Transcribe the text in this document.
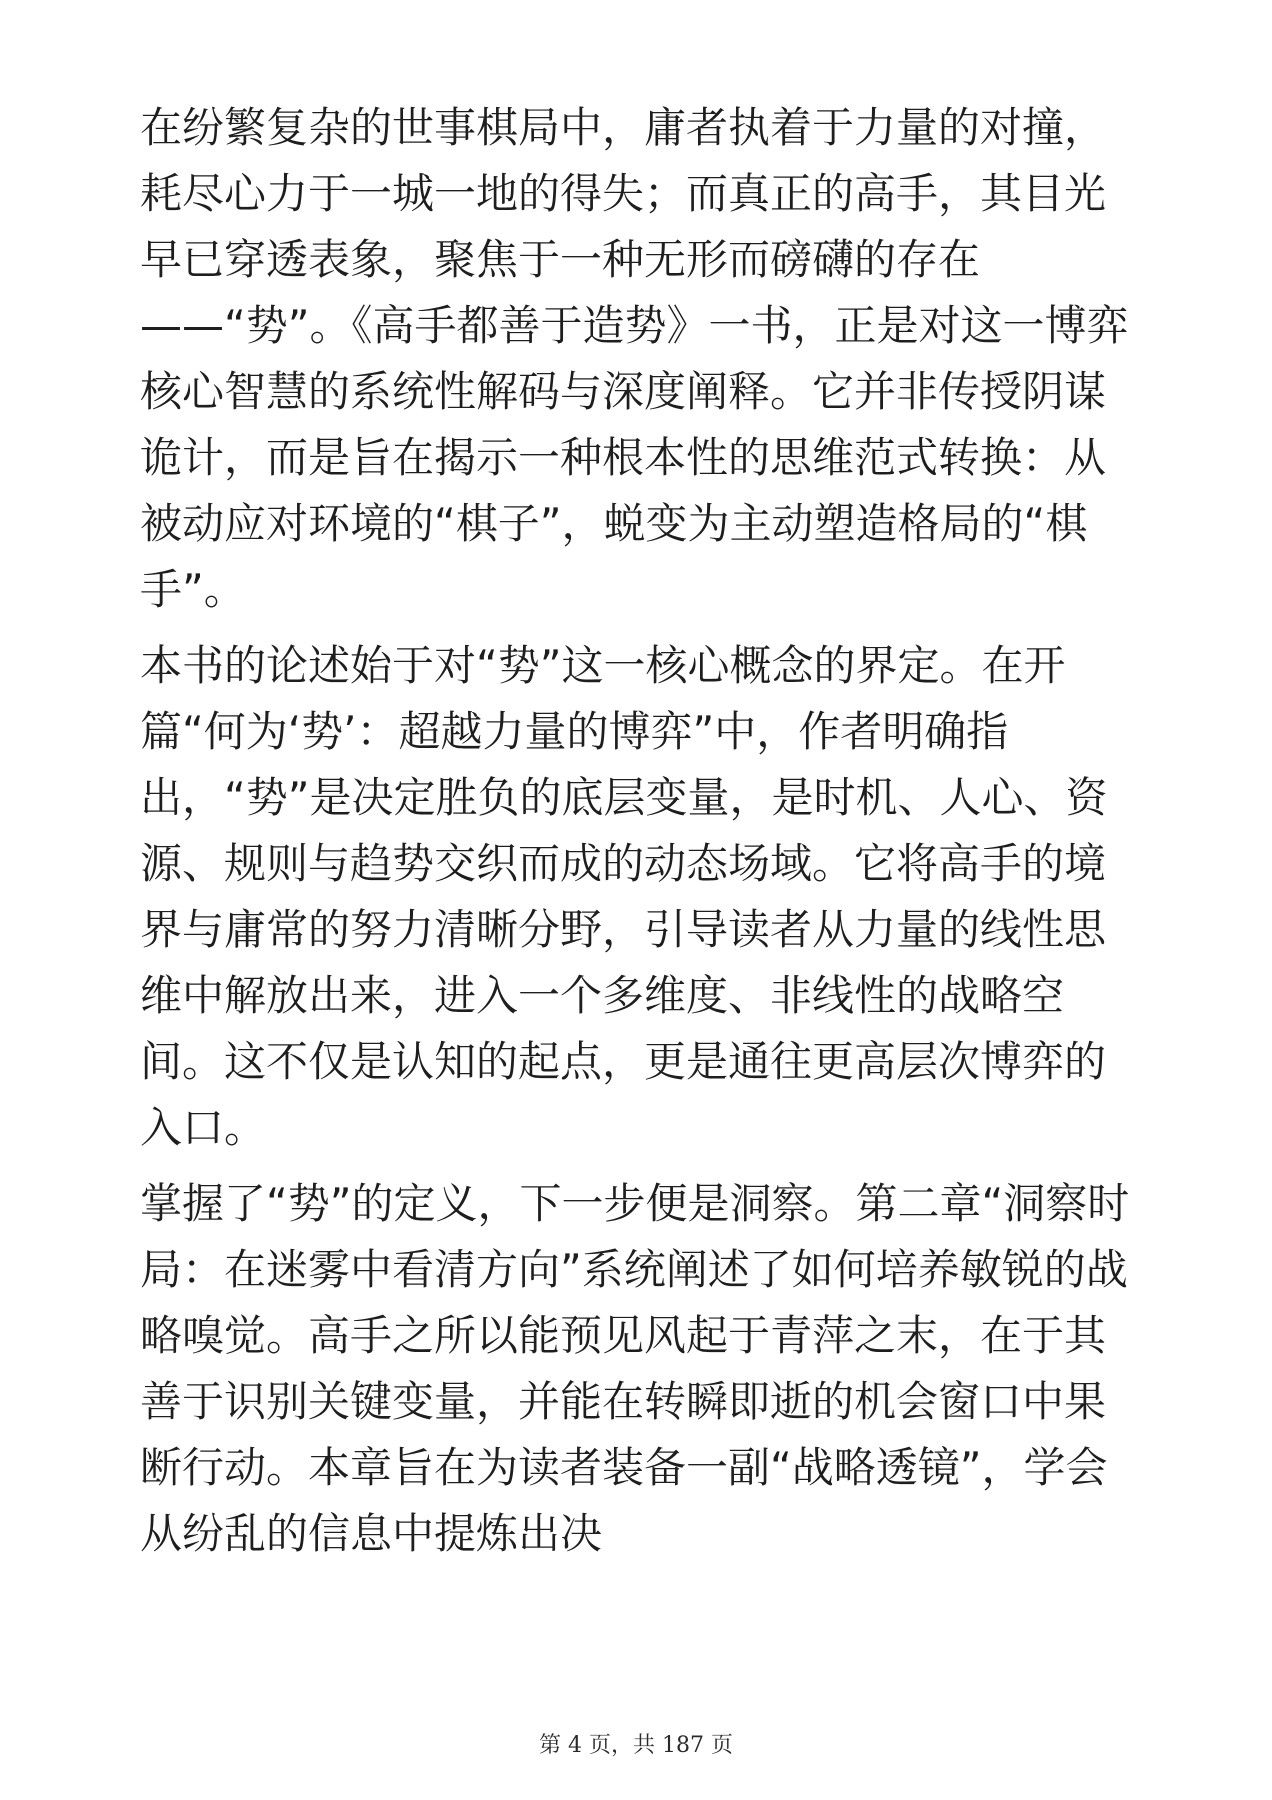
在纷繁复杂的世事棋局中，庸者执着于力量的对撞，耗尽心力于一城一地的得失；而真正的高手，其目光早已穿透表象，聚焦于一种无形而磅礴的存在——“势”。《高手都善于造势》一书，正是对这一博弈核心智慧的系统性解码与深度阐释。它并非传授阴谋诡计，而是旨在揭示一种根本性的思维范式转换：从被动应对环境的“棋子”，蜕变为主动塑造格局的“棋手”。

本书的论述始于对“势”这一核心概念的界定。在开篇“何为‘势’：超越力量的博弈”中，作者明确指出，“势”是决定胜负的底层变量，是时机、人心、资源、规则与趋势交织而成的动态场域。它将高手的境界与庸常的努力清晰分野，引导读者从力量的线性思维中解放出来，进入一个多维度、非线性的战略空间。这不仅是认知的起点，更是通往更高层次博弈的入口。

掌握了“势”的定义，下一步便是洞察。第二章“洞察时局：在迷雾中看清方向”系统阐述了如何培养敏锐的战略嗅觉。高手之所以能预见风起于青萍之末，在于其善于识别关键变量，并能在转瞬即逝的机会窗口中果断行动。本章旨在为读者装备一副“战略透镜”，学会从纷乱的信息中提炼出决

第 4 页，共 187 页
